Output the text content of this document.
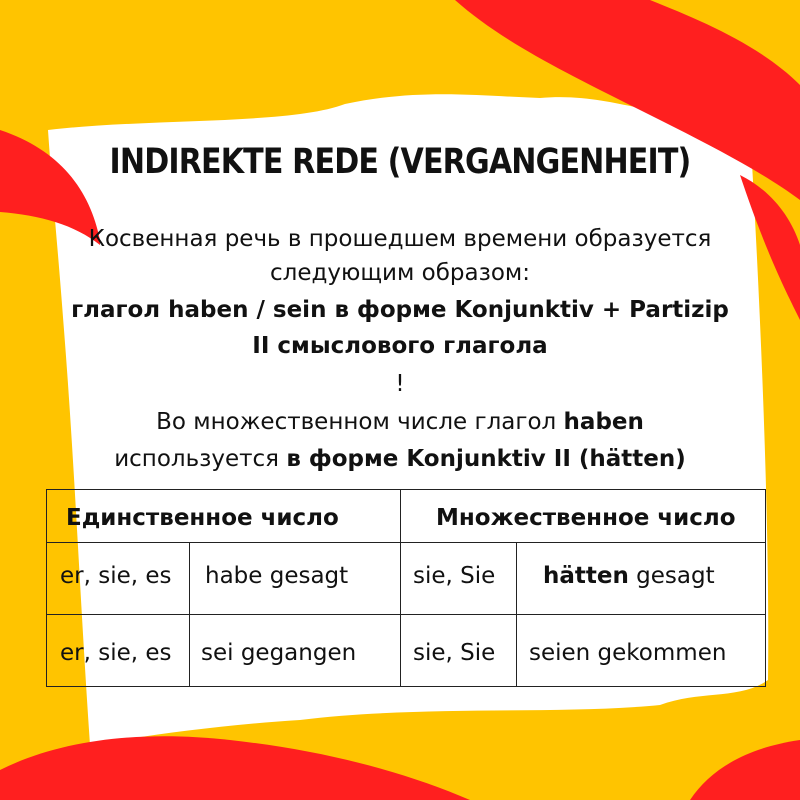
INDIREKTE REDE (VERGANGENHEIT)
Косвенная речь в прошедшем времени образуется
следующим образом:
глагол haben / sein в форме Konjunktiv + Partizip
II смыслового глагола
!
Во множественном числе глагол haben
используется в форме Konjunktiv II (hätten)
Единственное число	Множественное число
er, sie, es habe gesagt	sie, Sie hätten gesagt
er, sie, es sei gegangen sie, Sie seien gekommen
